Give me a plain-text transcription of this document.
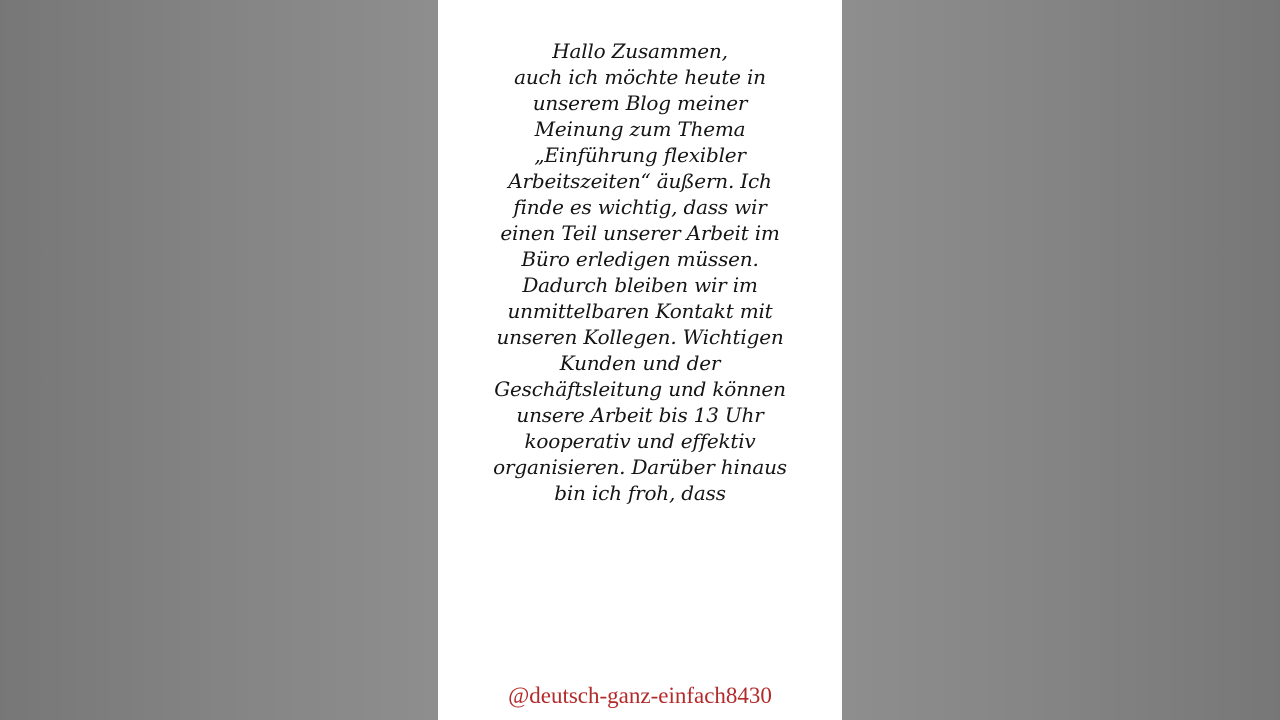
Hallo Zusammen,
auch ich möchte heute in
unserem Blog meiner
Meinung zum Thema
„Einführung flexibler
Arbeitszeiten“ äußern. Ich
finde es wichtig, dass wir
einen Teil unserer Arbeit im
Büro erledigen müssen.
Dadurch bleiben wir im
unmittelbaren Kontakt mit
unseren Kollegen. Wichtigen
Kunden und der
Geschäftsleitung und können
unsere Arbeit bis 13 Uhr
kooperativ und effektiv
organisieren. Darüber hinaus
bin ich froh, dass

@deutsch-ganz-einfach8430
